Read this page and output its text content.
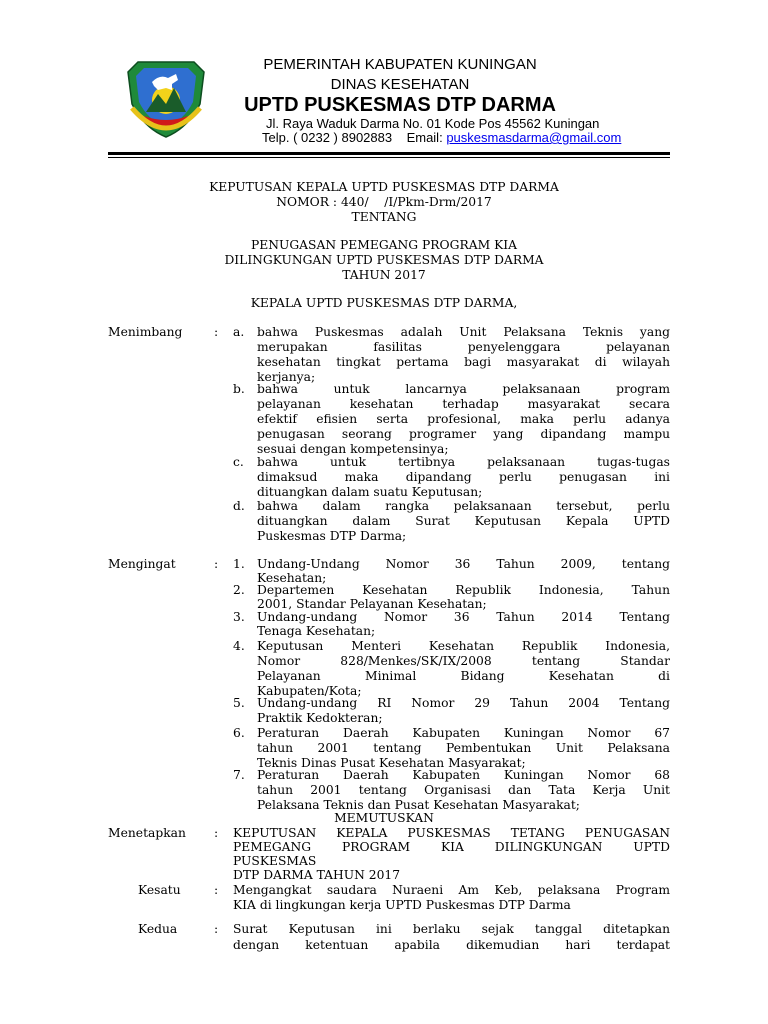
PEMERINTAH KABUPATEN KUNINGAN
DINAS KESEHATAN
UPTD PUSKESMAS DTP DARMA
Jl. Raya Waduk Darma No. 01 Kode Pos 45562 Kuningan
Telp. ( 0232 ) 8902883 Email: puskesmasdarma@gmail.com
KEPUTUSAN KEPALA UPTD PUSKESMAS DTP DARMA
NOMOR : 440/    /I/Pkm-Drm/2017
TENTANG
PENUGASAN PEMEGANG PROGRAM KIA
DILINGKUNGAN UPTD PUSKESMAS DTP DARMA
TAHUN 2017
KEPALA UPTD PUSKESMAS DTP DARMA,
Menimbang	: a. bahwa Puskesmas adalah Unit Pelaksana Teknis yang
merupakan fasilitas penyelenggara pelayanan
kesehatan tingkat pertama bagi masyarakat di wilayah
kerjanya;
b. bahwa untuk lancarnya pelaksanaan program
pelayanan kesehatan terhadap masyarakat secara
efektif efisien serta profesional, maka perlu adanya
penugasan seorang programer yang dipandang mampu
sesuai dengan kompetensinya;
c. bahwa untuk tertibnya pelaksanaan tugas-tugas
dimaksud maka dipandang perlu penugasan ini
dituangkan dalam suatu Keputusan;
d. bahwa dalam rangka pelaksanaan tersebut, perlu
dituangkan dalam Surat Keputusan Kepala UPTD
Puskesmas DTP Darma;
Mengingat	: 1. Undang-Undang Nomor 36 Tahun 2009, tentang
Kesehatan;
2. Departemen Kesehatan Republik Indonesia, Tahun
2001, Standar Pelayanan Kesehatan;
3. Undang-undang Nomor 36 Tahun 2014 Tentang
Tenaga Kesehatan;
4. Keputusan Menteri Kesehatan Republik Indonesia,
Nomor 828/Menkes/SK/IX/2008 tentang Standar
Pelayanan Minimal Bidang Kesehatan di
Kabupaten/Kota;
5. Undang-undang RI Nomor 29 Tahun 2004 Tentang
Praktik Kedokteran;
6. Peraturan Daerah Kabupaten Kuningan Nomor 67
tahun 2001 tentang Pembentukan Unit Pelaksana
Teknis Dinas Pusat Kesehatan Masyarakat;
7. Peraturan Daerah Kabupaten Kuningan Nomor 68
tahun 2001 tentang Organisasi dan Tata Kerja Unit
Pelaksana Teknis dan Pusat Kesehatan Masyarakat;
MEMUTUSKAN
Menetapkan : KEPUTUSAN KEPALA PUSKESMAS TETANG PENUGASAN
PEMEGANG PROGRAM KIA DILINGKUNGAN UPTD
PUSKESMAS
DTP DARMA TAHUN 2017
Kesatu	: Mengangkat saudara Nuraeni Am Keb, pelaksana Program
KIA di lingkungan kerja UPTD Puskesmas DTP Darma
Kedua	: Surat Keputusan ini berlaku sejak tanggal ditetapkan
dengan ketentuan apabila dikemudian hari terdapat
